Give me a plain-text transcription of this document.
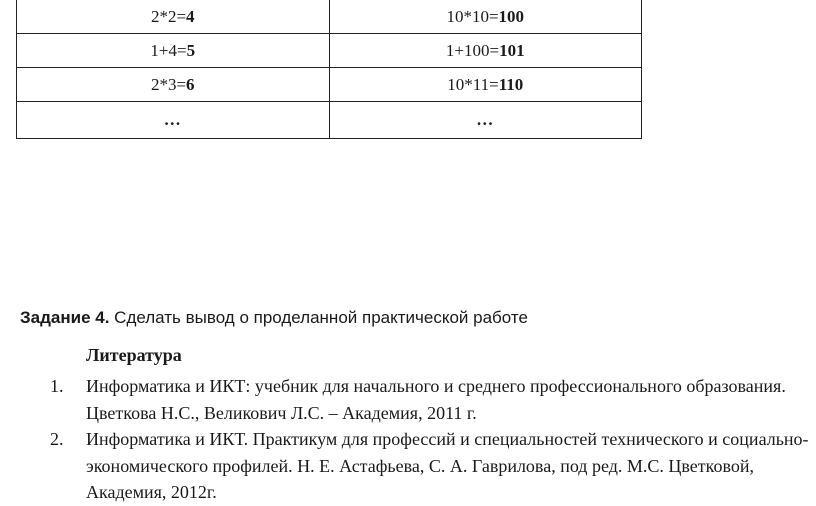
2*2=4	10*10=100
1+4=5	1+100=101
2*3=6	10*11=110
…	…
Задание 4. Сделать вывод о проделанной практической работе
Литература
1. Информатика и ИКТ: учебник для начального и среднего профессионального образования. Цветкова Н.С., Великович Л.С. – Академия, 2011 г.
2. Информатика и ИКТ. Практикум для профессий и специальностей технического и социально-экономического профилей. Н. Е. Астафьева, С. А. Гаврилова, под ред. М.С. Цветковой, Академия, 2012г.
